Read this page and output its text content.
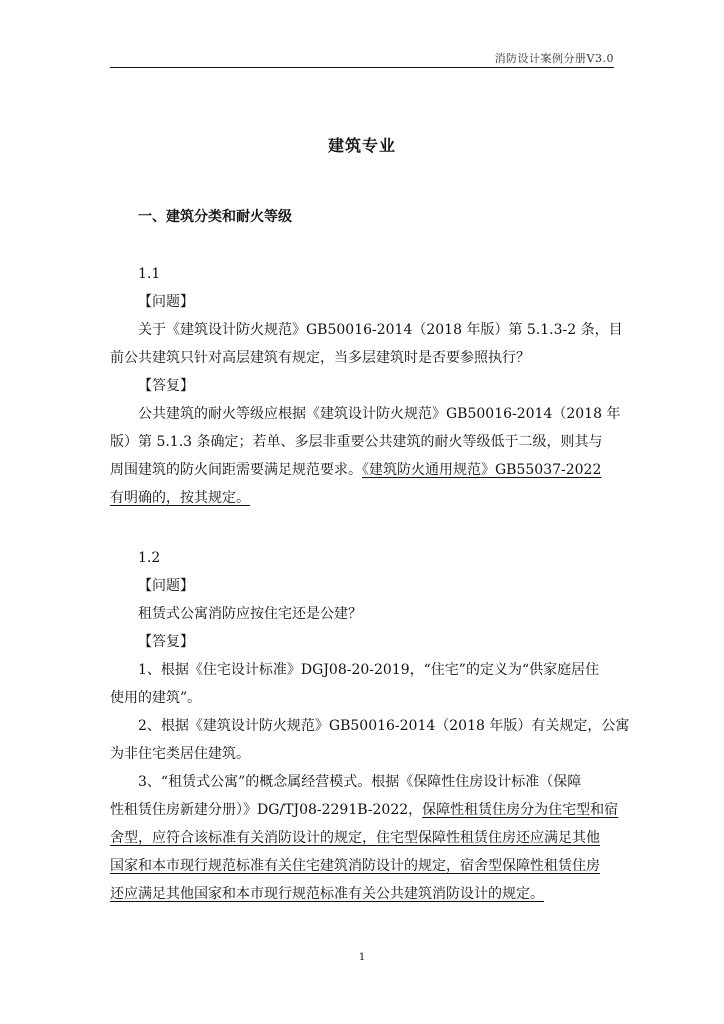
消防设计案例分册V3.0
建筑专业
一、建筑分类和耐火等级
1.1
【问题】
关于《建筑设计防火规范》GB50016-2014（2018 年版）第 5.1.3-2 条，目
前公共建筑只针对高层建筑有规定，当多层建筑时是否要参照执行？
【答复】
公共建筑的耐火等级应根据《建筑设计防火规范》GB50016-2014（2018 年
版）第 5.1.3 条确定；若单、多层非重要公共建筑的耐火等级低于二级，则其与
周围建筑的防火间距需要满足规范要求。《建筑防火通用规范》GB55037-2022
有明确的，按其规定。
1.2
【问题】
租赁式公寓消防应按住宅还是公建？
【答复】
1、根据《住宅设计标准》DGJ08-20-2019，“住宅”的定义为“供家庭居住
使用的建筑”。
2、根据《建筑设计防火规范》GB50016-2014（2018 年版）有关规定，公寓
为非住宅类居住建筑。
3、“租赁式公寓”的概念属经营模式。根据《保障性住房设计标准（保障
性租赁住房新建分册）》DG/TJ08-2291B-2022，保障性租赁住房分为住宅型和宿
舍型，应符合该标准有关消防设计的规定，住宅型保障性租赁住房还应满足其他
国家和本市现行规范标准有关住宅建筑消防设计的规定，宿舍型保障性租赁住房
还应满足其他国家和本市现行规范标准有关公共建筑消防设计的规定。
1
